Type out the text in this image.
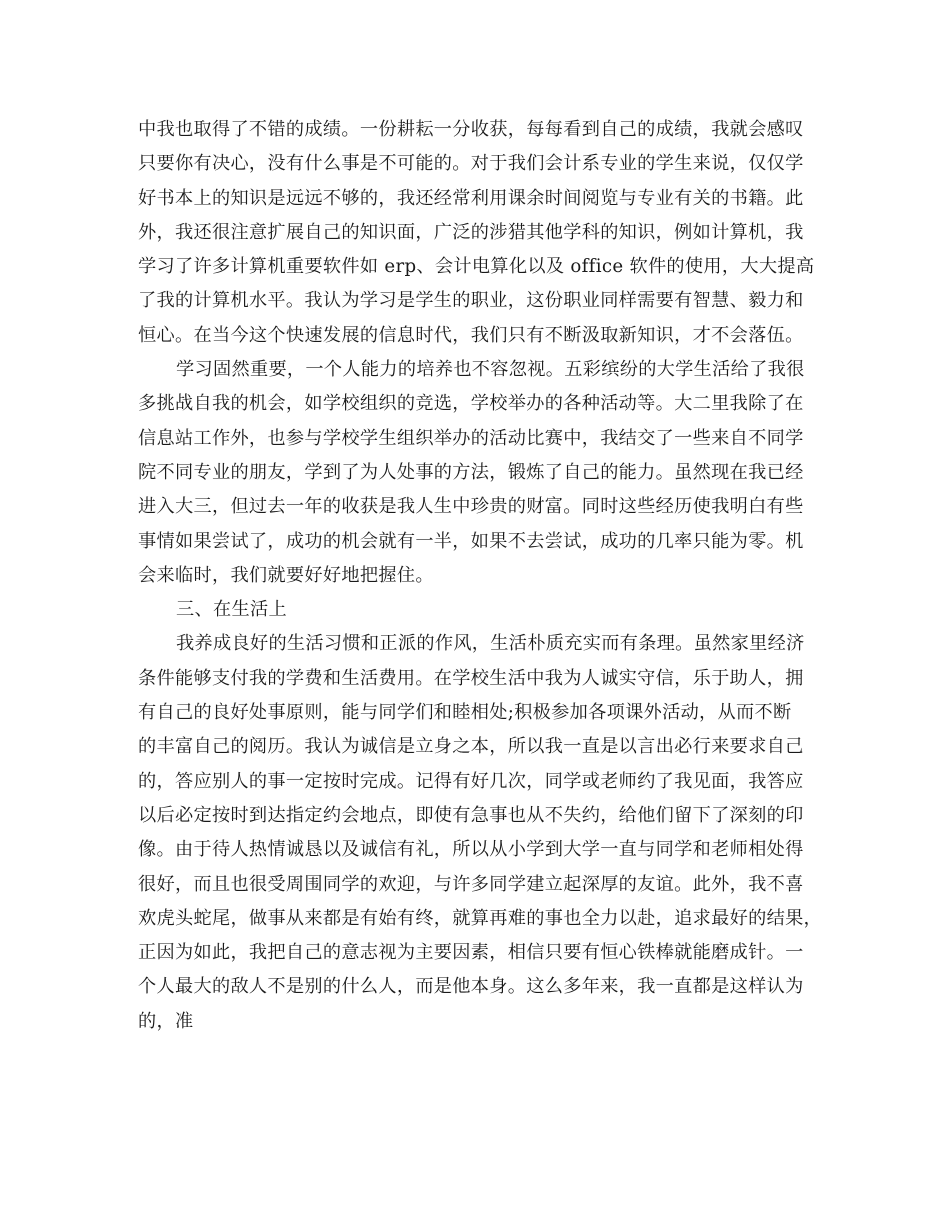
中我也取得了不错的成绩。一份耕耘一分收获，每每看到自己的成绩，我就会感叹
只要你有决心，没有什么事是不可能的。对于我们会计系专业的学生来说，仅仅学
好书本上的知识是远远不够的，我还经常利用课余时间阅览与专业有关的书籍。此
外，我还很注意扩展自己的知识面，广泛的涉猎其他学科的知识，例如计算机，我
学习了许多计算机重要软件如 erp、会计电算化以及 office 软件的使用，大大提高
了我的计算机水平。我认为学习是学生的职业，这份职业同样需要有智慧、毅力和
恒心。在当今这个快速发展的信息时代，我们只有不断汲取新知识，才不会落伍。
学习固然重要，一个人能力的培养也不容忽视。五彩缤纷的大学生活给了我很
多挑战自我的机会，如学校组织的竞选，学校举办的各种活动等。大二里我除了在
信息站工作外，也参与学校学生组织举办的活动比赛中，我结交了一些来自不同学
院不同专业的朋友，学到了为人处事的方法，锻炼了自己的能力。虽然现在我已经
进入大三，但过去一年的收获是我人生中珍贵的财富。同时这些经历使我明白有些
事情如果尝试了，成功的机会就有一半，如果不去尝试，成功的几率只能为零。机
会来临时，我们就要好好地把握住。
三、在生活上
我养成良好的生活习惯和正派的作风，生活朴质充实而有条理。虽然家里经济
条件能够支付我的学费和生活费用。在学校生活中我为人诚实守信，乐于助人，拥
有自己的良好处事原则，能与同学们和睦相处;积极参加各项课外活动，从而不断
的丰富自己的阅历。我认为诚信是立身之本，所以我一直是以言出必行来要求自己
的，答应别人的事一定按时完成。记得有好几次，同学或老师约了我见面，我答应
以后必定按时到达指定约会地点，即使有急事也从不失约，给他们留下了深刻的印
像。由于待人热情诚恳以及诚信有礼，所以从小学到大学一直与同学和老师相处得
很好，而且也很受周围同学的欢迎，与许多同学建立起深厚的友谊。此外，我不喜
欢虎头蛇尾，做事从来都是有始有终，就算再难的事也全力以赴，追求最好的结果，
正因为如此，我把自己的意志视为主要因素，相信只要有恒心铁棒就能磨成针。一
个人最大的敌人不是别的什么人，而是他本身。这么多年来，我一直都是这样认为
的，准
